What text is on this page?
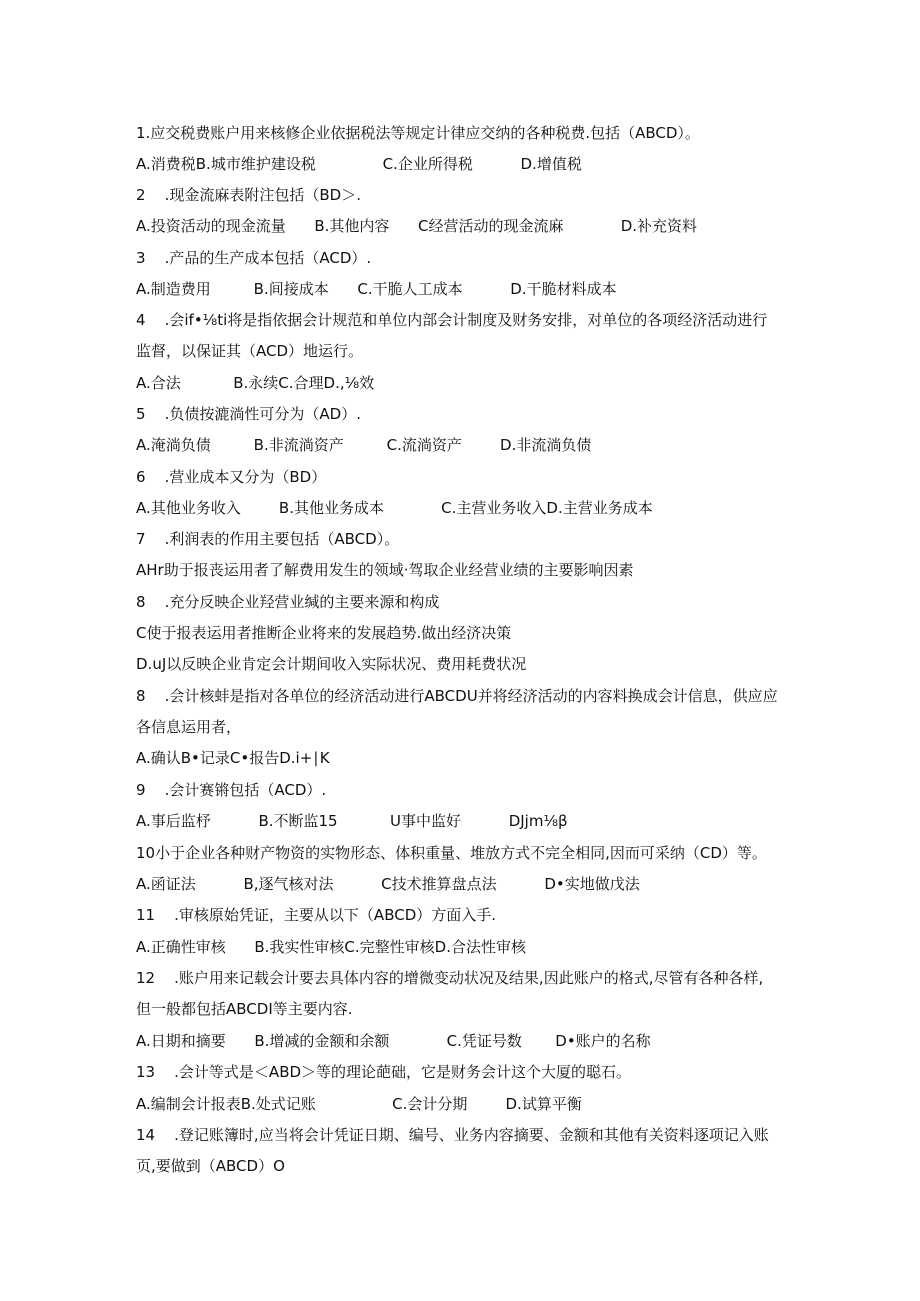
1.应交税费账户用来核修企业依据税法等规定计律应交纳的各种税费.包括（ABCD）。
A.消费税B.城市维护建设税              C.企业所得税          D.增值税
2    .现金流麻表附注包括（BD＞.
A.投资活动的现金流量      B.其他内容      C经营活动的现金流麻            D.补充资料
3    .产品的生产成本包括（ACD）.
A.制造费用         B.间接成本      C.干脆人工成本          D.干脆材料成本
4    .会if•⅛ti将是指依据会计规范和单位内部会计制度及财务安排，对单位的各项经济活动进行
监督，以保证其（ACD）地运行。
A.合法           B.永续C.合理D.,⅛效
5    .负债按漉淌性可分为（AD）.
A.淹淌负债         B.非流淌资产         C.流淌资产        D.非流淌负债
6    .营业成本又分为（BD）
A.其他业务收入        B.其他业务成本            C.主营业务收入D.主营业务成本
7    .利润表的作用主要包括（ABCD）。
AHr助于报丧运用者了解费用发生的领域·驾取企业经营业绩的主要影响因素
8    .充分反映企业羟营业缄的主要来源和构成
C使于报表运用者推断企业将来的发展趋势.做出经济决策
D.uJ以反映企业肯定会计期间收入实际状况、费用耗费状况
8    .会计核蚌是指对各单位的经济活动进行ABCDU并将经济活动的内容料换成会计信息，供应应
各信息运用者，
A.确认B•记录C•报告D.i+∣K
9    .会计赛锵包括（ACD）.
A.事后监杼          B.不断监15           U事中监好          DJjm⅛β
10小于企业各种财产物资的实物形态、体积重量、堆放方式不完全相同,因而可采纳（CD）等。
A.函证法          B,逐气核对法          C技术推算盘点法          D•实地做戊法
11    .审核原始凭证，主要从以下（ABCD）方面入手.
A.正确性审核      B.我实性审核C.完整性审核D.合法性审核
12    .账户用来记载会计要去具体内容的增微变动状况及结果,因此账户的格式,尽管有各种各样,
但一般都包括ABCDI等主要内容.
A.日期和摘要      B.增减的金额和余额            C.凭证号数       D•账户的名称
13    .会计等式是＜ABD＞等的理论葩础，它是财务会计这个大厦的聪石。
A.编制会计报表B.处式记账                C.会计分期        D.试算平衡
14    .登记账簿时,应当将会计凭证日期、编号、业务内容摘要、金额和其他有关资料逐项记入账
页,要做到（ABCD）O
